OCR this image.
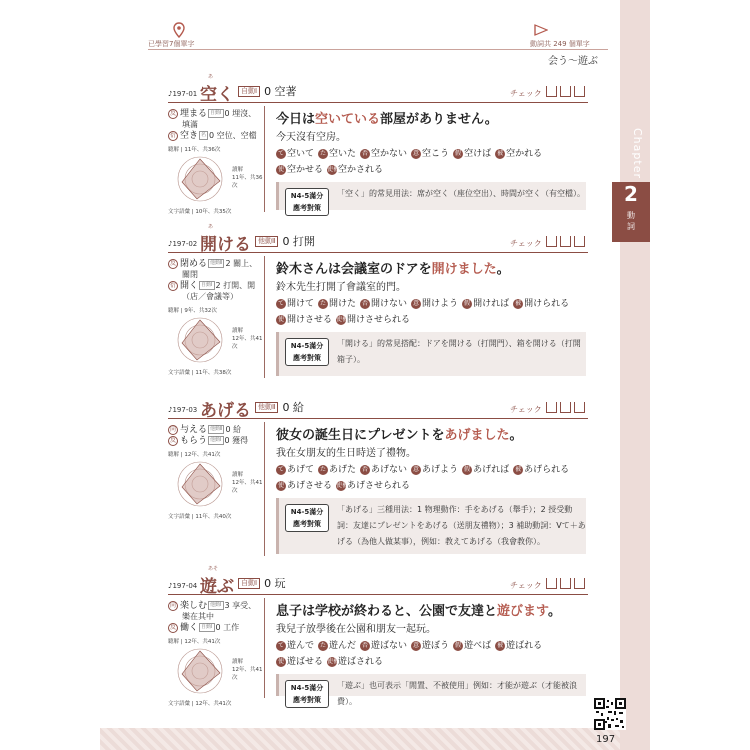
已學習7個單字	動詞共 249 個單字
会う～遊ぶ
Chapter
2
動
詞
♪197-01 空く
あ
自動Ⅰ 0 空著	チェック
反 埋まる 自動Ⅰ 0 埋沒、
填滿
衍 空き 名 0 空位、空檔
聽解 | 11年、共36次
讀解
11年、共36次
文字語彙 | 10年、共35次
今日は空いている部屋がありません。
今天沒有空房。
て 空いて た 空いた 否 空かない 意 空こう 假 空けば 被 空かれる
使 空かせる 使被空かされる
N4-5滿分
應考對策
「空く」的常見用法：席が空く（座位空出）、時間が空く（有空檔）。
♪197-02 開ける
あ
他動Ⅱ 0 打開	チェック
反 閉める 他動Ⅱ 2 關上、
關閉
衍 開く 自動Ⅰ 2 打開、開
（店／會議等）
聽解 | 9年、共32次
讀解
12年、共41次
文字語彙 | 11年、共38次
鈴木さんは会議室のドアを開けました。
鈴木先生打開了會議室的門。
て 開けて た 開けた 否 開けない 意 開けよう 假 開ければ 被 開けられる
使 開けさせる 使被開けさせられる
N4-5滿分
應考對策
「開ける」的常見搭配：ドアを開ける（打開門）、箱を開ける（打開箱子）。
♪197-03 あげる 他動Ⅱ 0 給	チェック
同 与える 他動Ⅱ 0 給
反 もらう 他動Ⅰ 0 獲得
聽解 | 12年、共41次
讀解
12年、共41次
文字語彙 | 11年、共40次
彼女の誕生日にプレゼントをあげました。
我在女朋友的生日時送了禮物。
て あげて た あげた 否 あげない 意 あげよう 假 あげれば 被 あげられる
使 あげさせる 使被あげさせられる
N4-5滿分
應考對策
「あげる」三種用法：1 物理動作：手をあげる（舉手）；2 授受動詞：友達にプレゼントをあげる（送朋友禮物）；3 補助動詞：Vて＋あげる（為他人做某事），例如：教えてあげる（我會教你）。
♪197-04 遊ぶ
あそ
自動Ⅰ 0 玩	チェック
同 楽しむ 他動Ⅰ 3 享受、
樂在其中
反 働く 自動Ⅰ 0 工作
聽解 | 12年、共41次
讀解
12年、共41次
文字語彙 | 12年、共41次
息子は学校が終わると、公園で友達と遊びます。
我兒子放學後在公園和朋友一起玩。
て 遊んで た 遊んだ 否 遊ばない 意 遊ぼう 假 遊べば 被 遊ばれる
使 遊ばせる 使被遊ばされる
N4-5滿分
應考對策
「遊ぶ」也可表示「閒置、不被使用」例如：才能が遊ぶ（才能被浪費）。
197
